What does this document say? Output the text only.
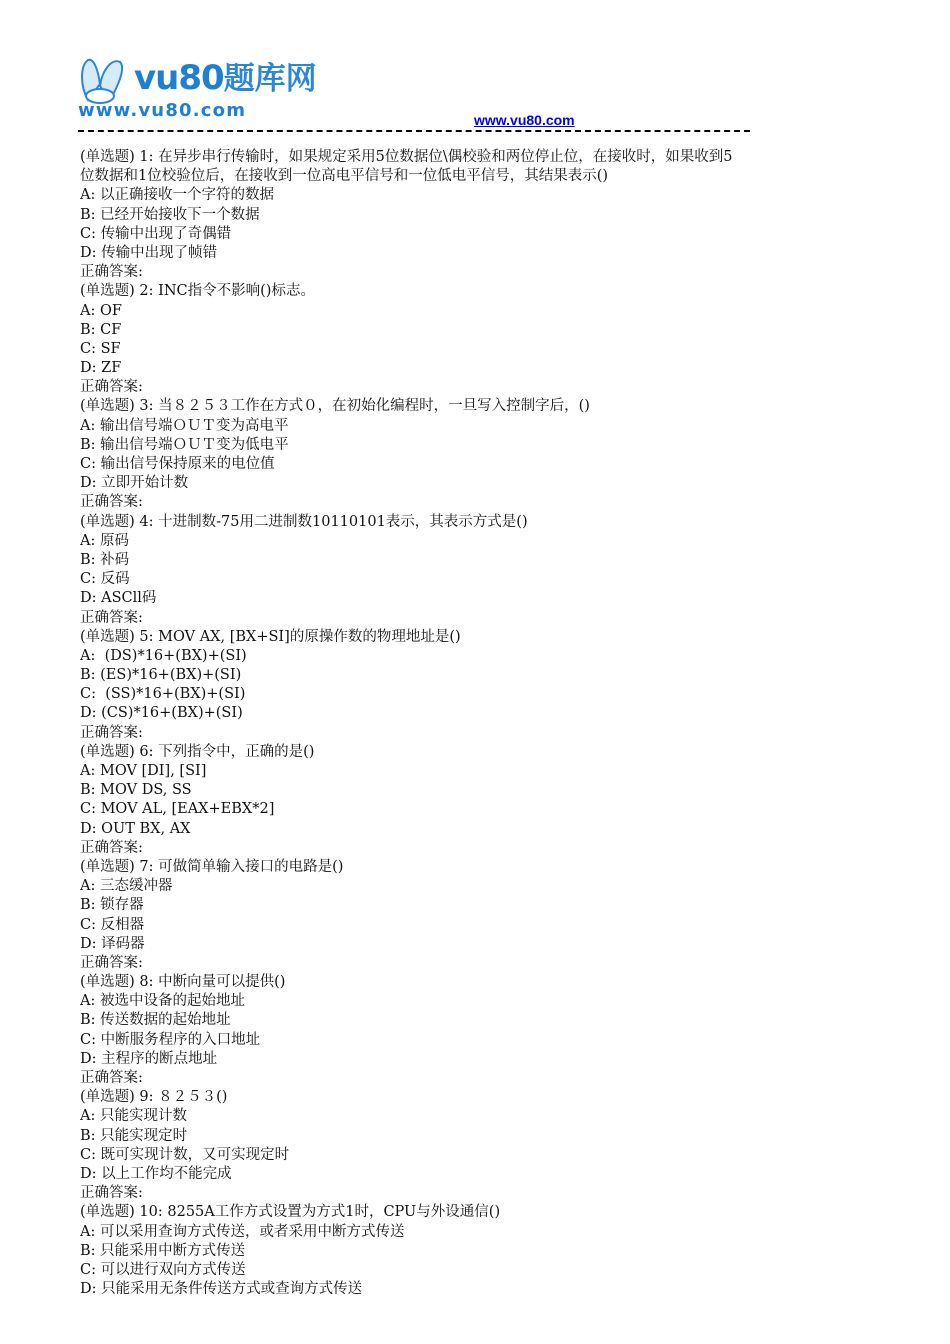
vu80题库网
www.vu80.com	www.vu80.com
(单选题) 1: 在异步串行传输时，如果规定采用5位数据位\偶校验和两位停止位，在接收时，如果收到5
位数据和1位校验位后，在接收到一位高电平信号和一位低电平信号，其结果表示()
A: 以正确接收一个字符的数据
B: 已经开始接收下一个数据
C: 传输中出现了奇偶错
D: 传输中出现了帧错
正确答案:
(单选题) 2: INC指令不影响()标志。
A: OF
B: CF
C: SF
D: ZF
正确答案:
(单选题) 3: 当８２５３工作在方式０，在初始化编程时，一旦写入控制字后，()
A: 输出信号端ＯＵＴ变为高电平
B: 输出信号端ＯＵＴ变为低电平
C: 输出信号保持原来的电位值
D: 立即开始计数
正确答案:
(单选题) 4: 十进制数-75用二进制数10110101表示，其表示方式是()
A: 原码
B: 补码
C: 反码
D: ASCll码
正确答案:
(单选题) 5: MOV AX, [BX+SI]的原操作数的物理地址是()
A:  (DS)*16+(BX)+(SI)
B: (ES)*16+(BX)+(SI)
C:  (SS)*16+(BX)+(SI)
D: (CS)*16+(BX)+(SI)
正确答案:
(单选题) 6: 下列指令中，正确的是()
A: MOV [DI], [SI]
B: MOV DS, SS
C: MOV AL, [EAX+EBX*2]
D: OUT BX, AX
正确答案:
(单选题) 7: 可做简单输入接口的电路是()
A: 三态缓冲器
B: 锁存器
C: 反相器
D: 译码器
正确答案:
(单选题) 8: 中断向量可以提供()
A: 被选中设备的起始地址
B: 传送数据的起始地址
C: 中断服务程序的入口地址
D: 主程序的断点地址
正确答案:
(单选题) 9: ８２５３()
A: 只能实现计数
B: 只能实现定时
C: 既可实现计数，又可实现定时
D: 以上工作均不能完成
正确答案:
(单选题) 10: 8255A工作方式设置为方式1时，CPU与外设通信()
A: 可以采用查询方式传送，或者采用中断方式传送
B: 只能采用中断方式传送
C: 可以进行双向方式传送
D: 只能采用无条件传送方式或查询方式传送
